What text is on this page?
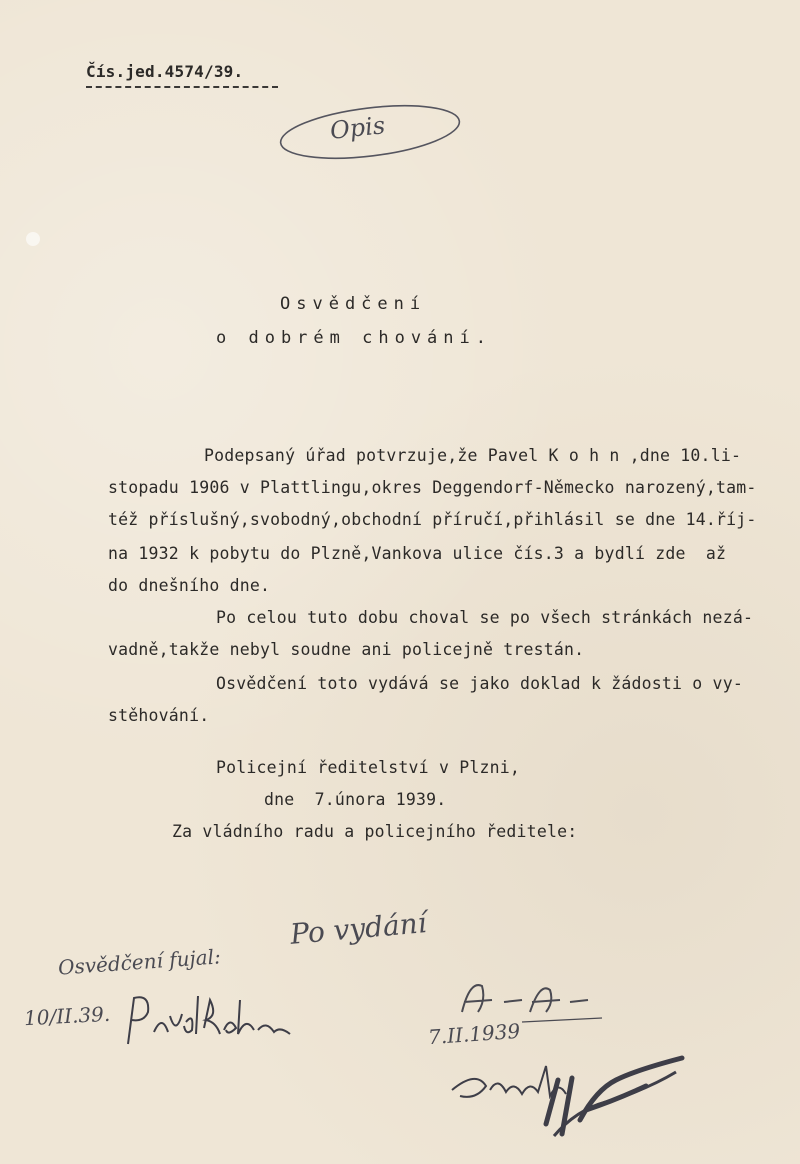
Čís.jed.4574/39.
Opis
Osvědčení
o dobrém chování.
Podepsaný úřad potvrzuje,že Pavel K o h n ,dne 10.li-
stopadu 1906 v Plattlingu,okres Deggendorf-Německo narozený,tam-
též příslušný,svobodný,obchodní příručí,přihlásil se dne 14.říj-
na 1932 k pobytu do Plzně,Vankova ulice čís.3 a bydlí zde  až
do dnešního dne.
Po celou tuto dobu choval se po všech stránkách nezá-
vadně,takže nebyl soudne ani policejně trestán.
Osvědčení toto vydává se jako doklad k žádosti o vy-
stěhování.
Policejní ředitelství v Plzni,
dne  7.února 1939.
Za vládního radu a policejního ředitele:
Po vydání
Osvědčení fujal:
10/II.39.
7.II.1939
